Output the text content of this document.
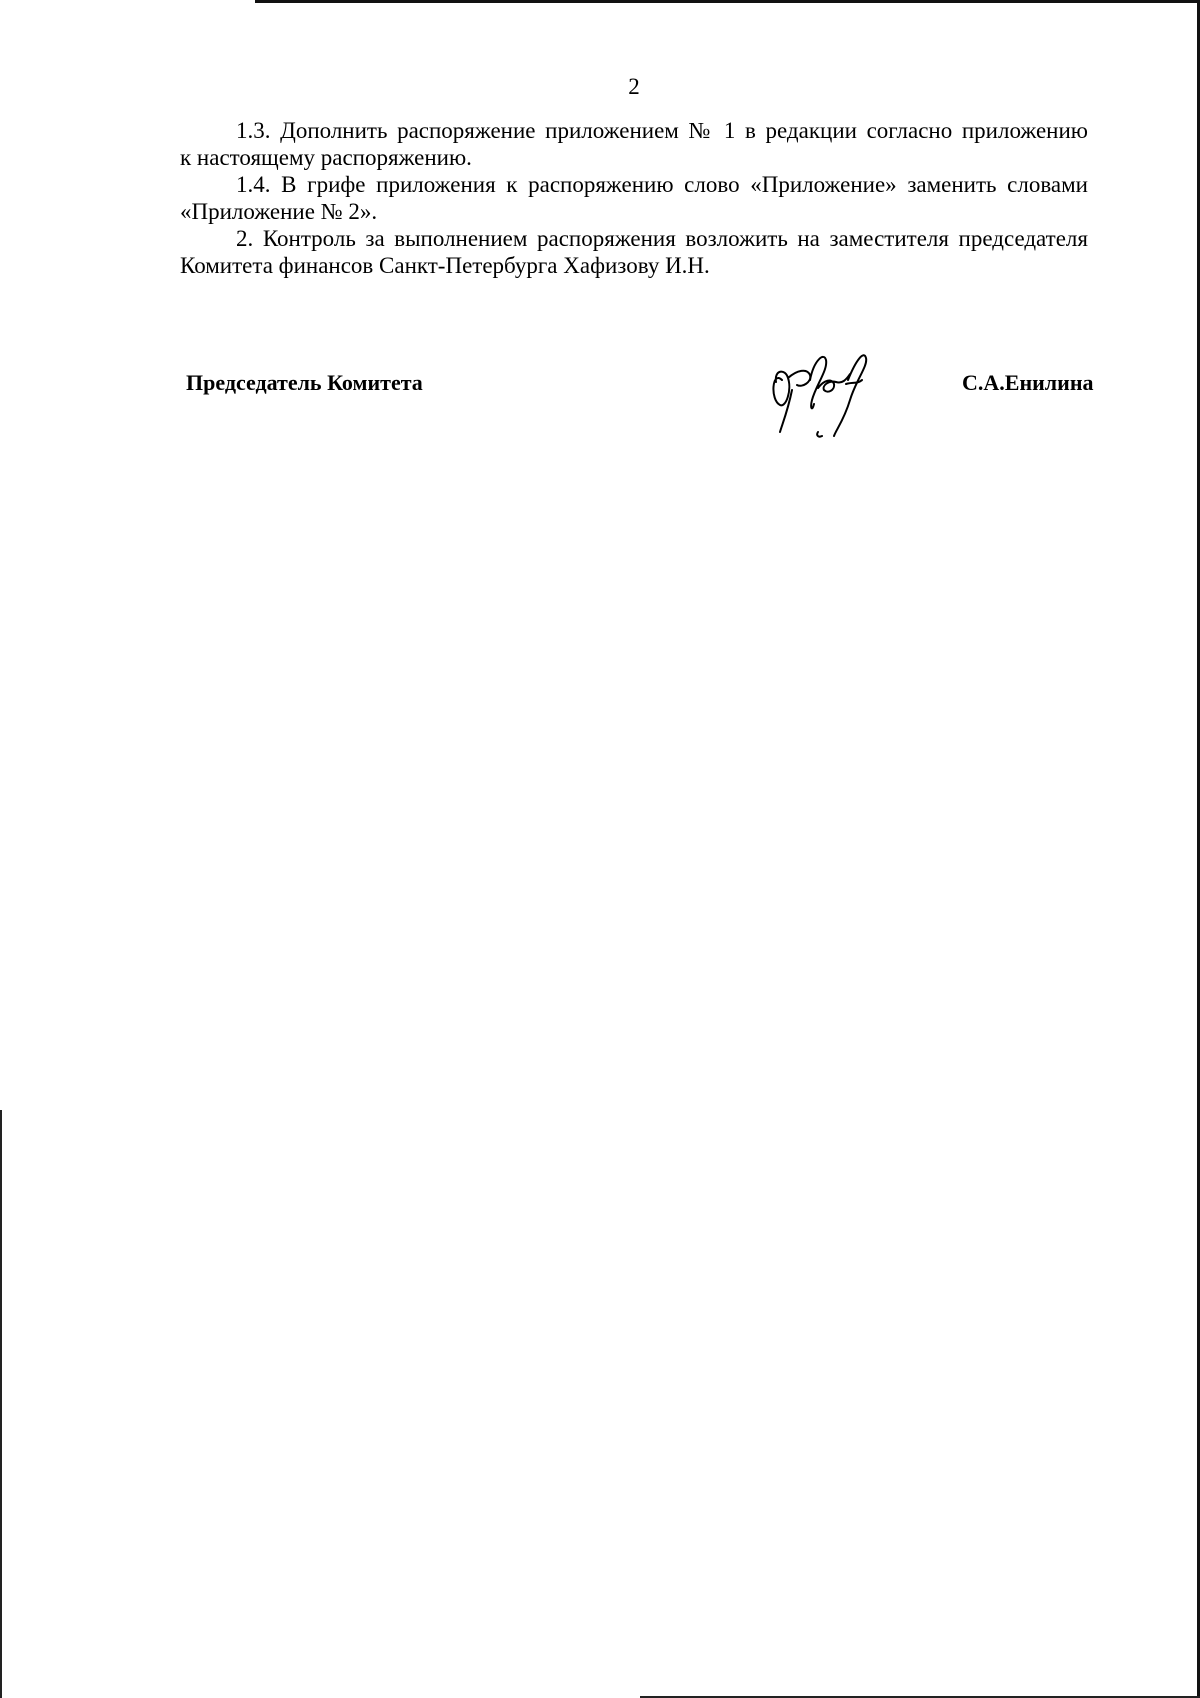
2

1.3. Дополнить распоряжение приложением № 1 в редакции согласно приложению
к настоящему распоряжению.

1.4. В грифе приложения к распоряжению слово «Приложение» заменить словами
«Приложение № 2».

2. Контроль за выполнением распоряжения возложить на заместителя председателя
Комитета финансов Санкт-Петербурга Хафизову И.Н.

Председатель Комитета	С.А.Енилина
